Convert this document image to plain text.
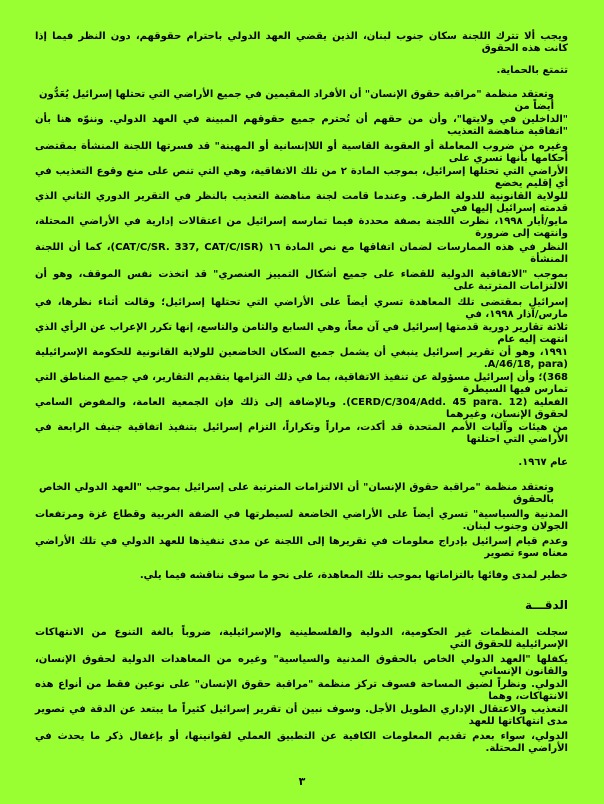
الدقـــة
٣
ويجب ألا تترك اللجنة سكان جنوب لبنان، الذين يقضي العهد الدولي باحترام حقوقهم، دون النظر فيما إذا كانت هذه الحقوق
تتمتع بالحماية.
وتعتقد منظمة "مراقبة حقوق الإنسان" أن الأفراد المقيمين في جميع الأراضي التي تحتلها إسرائيل يُعَدُّون أيضاً من
"الداخلين في ولايتها"، وأن من حقهم أن تُحترم جميع حقوقهم المبينة في العهد الدولي. وننوّه هنا بأن "اتفاقية مناهضة التعذيب
وغيره من ضروب المعاملة أو العقوبة القاسية أو اللاإنسانية أو المهينة" قد فسرتها اللجنة المنشأة بمقتضى أحكامها بأنها تسري على
الأراضي التي تحتلها إسرائيل، بموجب المادة ٢ من تلك الاتفاقية، وهي التي تنص على منع وقوع التعذيب في أي إقليم يخضع
للولاية القانونية للدولة الطرف. وعندما قامت لجنة مناهضة التعذيب بالنظر في التقرير الدوري الثاني الذي قدمته إسرائيل إليها في
مايو/أيار ١٩٩٨، نظرت اللجنة بصفة محددة فيما تمارسه إسرائيل من اعتقالات إدارية في الأراضي المحتلة، وانتهت إلى ضرورة
النظر في هذه الممارسات لضمان اتفاقها مع نص المادة ١٦ (CAT/C/SR. 337, CAT/C/ISR)، كما أن اللجنة المنشأة
بموجب "الاتفاقية الدولية للقضاء على جميع أشكال التمييز العنصري" قد اتخذت نفس الموقف، وهو أن الالتزامات المترتبة على
إسرائيل بمقتضى تلك المعاهدة تسري أيضاً على الأراضي التي تحتلها إسرائيل؛ وقالت أثناء نظرها، في مارس/آذار ١٩٩٨، في
ثلاثة تقارير دورية قدمتها إسرائيل في آن معاً، وهي السابع والثامن والتاسع، إنها تكرر الإعراب عن الرأي الذي انتهت إليه عام
١٩٩١، وهو أن تقرير إسرائيل ينبغي أن يشمل جميع السكان الخاضعين للولاية القانونية للحكومة الإسرائيلية (A/46/18, para.
368)؛ وأن إسرائيل مسؤولة عن تنفيذ الاتفاقية، بما في ذلك التزامها بتقديم التقارير، في جميع المناطق التي تمارس فيها السيطرة
الفعلية (CERD/C/304/Add. 45 para. 12). وبالإضافة إلى ذلك فإن الجمعية العامة، والمفوض السامي لحقوق الإنسان، وغيرهما
من هيئات وآليات الأمم المتحدة قد أكدت، مراراً وتكراراً، التزام إسرائيل بتنفيذ اتفاقية جنيف الرابعة في الأراضي التي احتلتها
عام ١٩٦٧.
وتعتقد منظمة "مراقبة حقوق الإنسان" أن الالتزامات المترتبة على إسرائيل بموجب "العهد الدولي الخاص بالحقوق
المدنية والسياسية" تسري أيضاً على الأراضي الخاضعة لسيطرتها في الضفة الغربية وقطاع غزة ومرتفعات الجولان وجنوب لبنان.
وعدم قيام إسرائيل بإدراج معلومات في تقريرها إلى اللجنة عن مدى تنفيذها للعهد الدولي في تلك الأراضي معناه سوء تصوير
خطير لمدى وفائها بالتزاماتها بموجب تلك المعاهدة، على نحو ما سوف نناقشه فيما يلي.
سجلت المنظمات غير الحكومية، الدولية والفلسطينية والإسرائيلية، ضروباً بالغة التنوع من الانتهاكات الإسرائيلية للحقوق التي
يكفلها "العهد الدولي الخاص بالحقوق المدنية والسياسية" وغيره من المعاهدات الدولية لحقوق الإنسان، والقانون الإنساني
الدولي. ونظراً لضيق المساحة فسوف تركز منظمة "مراقبة حقوق الإنسان" على نوعين فقط من أنواع هذه الانتهاكات، وهما
التعذيب والاعتقال الإداري الطويل الأجل. وسوف نبين أن تقرير إسرائيل كثيراً ما يبتعد عن الدقة في تصوير مدى انتهاكاتها للعهد
الدولي، سواء بعدم تقديم المعلومات الكافية عن التطبيق العملي لقوانينها، أو بإغفال ذكر ما يحدث في الأراضي المحتلة.
